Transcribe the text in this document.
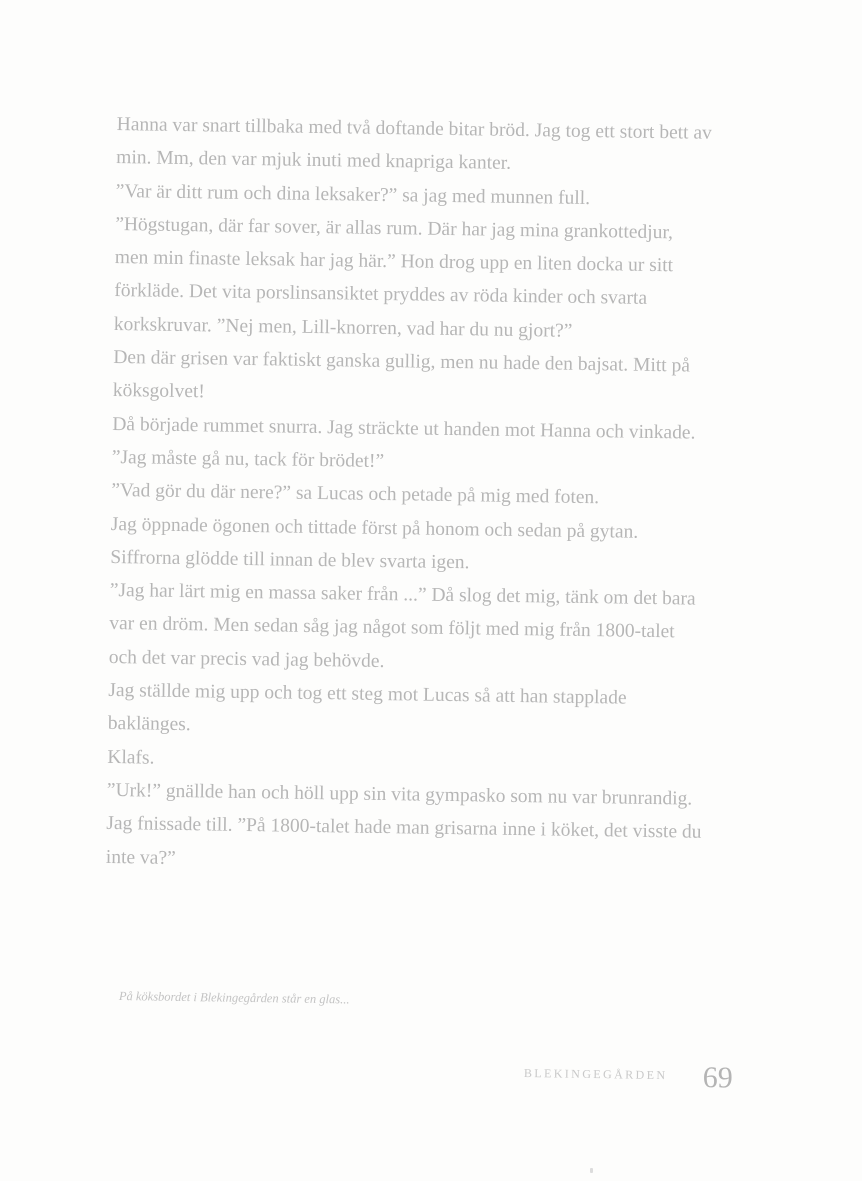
Hanna var snart tillbaka med två doftande bitar bröd. Jag tog ett stort bett av min. Mm, den var mjuk inuti med knapriga kanter.

”Var är ditt rum och dina leksaker?” sa jag med munnen full.

”Högstugan, där far sover, är allas rum. Där har jag mina grankottedjur, men min finaste leksak har jag här.” Hon drog upp en liten docka ur sitt förkläde. Det vita porslinsansiktet pryddes av röda kinder och svarta korkskruvar. ”Nej men, Lill-knorren, vad har du nu gjort?”

Den där grisen var faktiskt ganska gullig, men nu hade den bajsat. Mitt på köksgolvet!

Då började rummet snurra. Jag sträckte ut handen mot Hanna och vinkade. ”Jag måste gå nu, tack för brödet!”

”Vad gör du där nere?” sa Lucas och petade på mig med foten.

Jag öppnade ögonen och tittade först på honom och sedan på gytan. Siffrorna glödde till innan de blev svarta igen.

”Jag har lärt mig en massa saker från ...” Då slog det mig, tänk om det bara var en dröm. Men sedan såg jag något som följt med mig från 1800-talet och det var precis vad jag behövde.

Jag ställde mig upp och tog ett steg mot Lucas så att han stapplade baklänges.

Klafs.

”Urk!” gnällde han och höll upp sin vita gympasko som nu var brunrandig.

Jag fnissade till. ”På 1800-talet hade man grisarna inne i köket, det visste du inte va?”

På köksbordet i Blekingegården står en glas...
BLEKINGEGÅRDEN 69
